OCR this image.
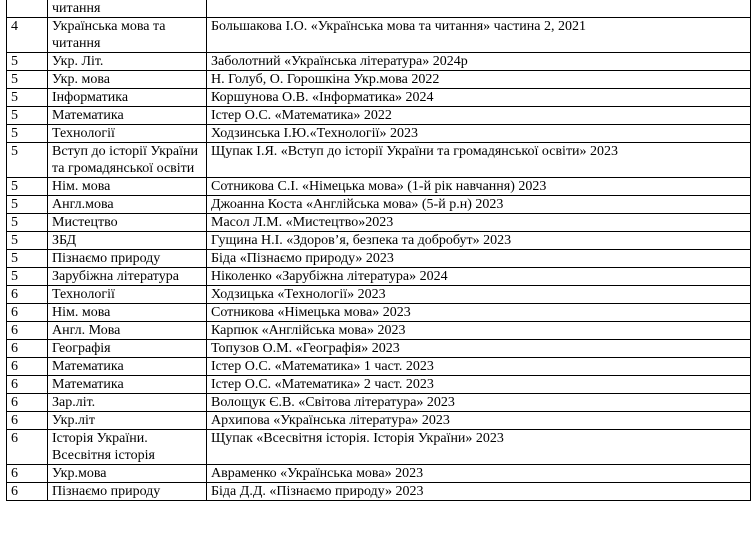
	читання	
4	Українська мова та читання	Большакова І.О. «Українська мова та читання» частина 2, 2021
5	Укр. Літ.	Заболотний «Українська література» 2024р
5	Укр. мова	Н. Голуб, О. Горошкіна Укр.мова 2022
5	Інформатика	Коршунова О.В. «Інформатика» 2024
5	Математика	Істер О.С. «Математика» 2022
5	Технології	Ходзинська І.Ю.«Технології» 2023
5	Вступ до історії України та громадянської освіти	Щупак І.Я. «Вступ до історії України та громадянської освіти» 2023
5	Нім. мова	Сотникова С.І. «Німецька мова» (1-й рік навчання) 2023
5	Англ.мова	Джоанна Коста «Англійська мова» (5-й р.н) 2023
5	Мистецтво	Масол Л.М. «Мистецтво»2023
5	ЗБД	Гущина Н.І. «Здоров’я, безпека та добробут» 2023
5	Пізнаємо природу	Біда «Пізнаємо природу» 2023
5	Зарубіжна література	Ніколенко «Зарубіжна література» 2024
6	Технології	Ходзицька «Технології» 2023
6	Нім. мова	Сотникова «Німецька мова» 2023
6	Англ. Мова	Карпюк «Англійська мова» 2023
6	Географія	Топузов О.М. «Географія» 2023
6	Математика	Істер О.С. «Математика» 1 част. 2023
6	Математика	Істер О.С. «Математика» 2 част. 2023
6	Зар.літ.	Волощук Є.В. «Світова література» 2023
6	Укр.літ	Архипова «Українська література» 2023
6	Історія України. Всесвітня історія	Щупак «Всесвітня історія. Історія України» 2023
6	Укр.мова	Авраменко «Українська мова» 2023
6	Пізнаємо природу	Біда Д.Д. «Пізнаємо природу» 2023
